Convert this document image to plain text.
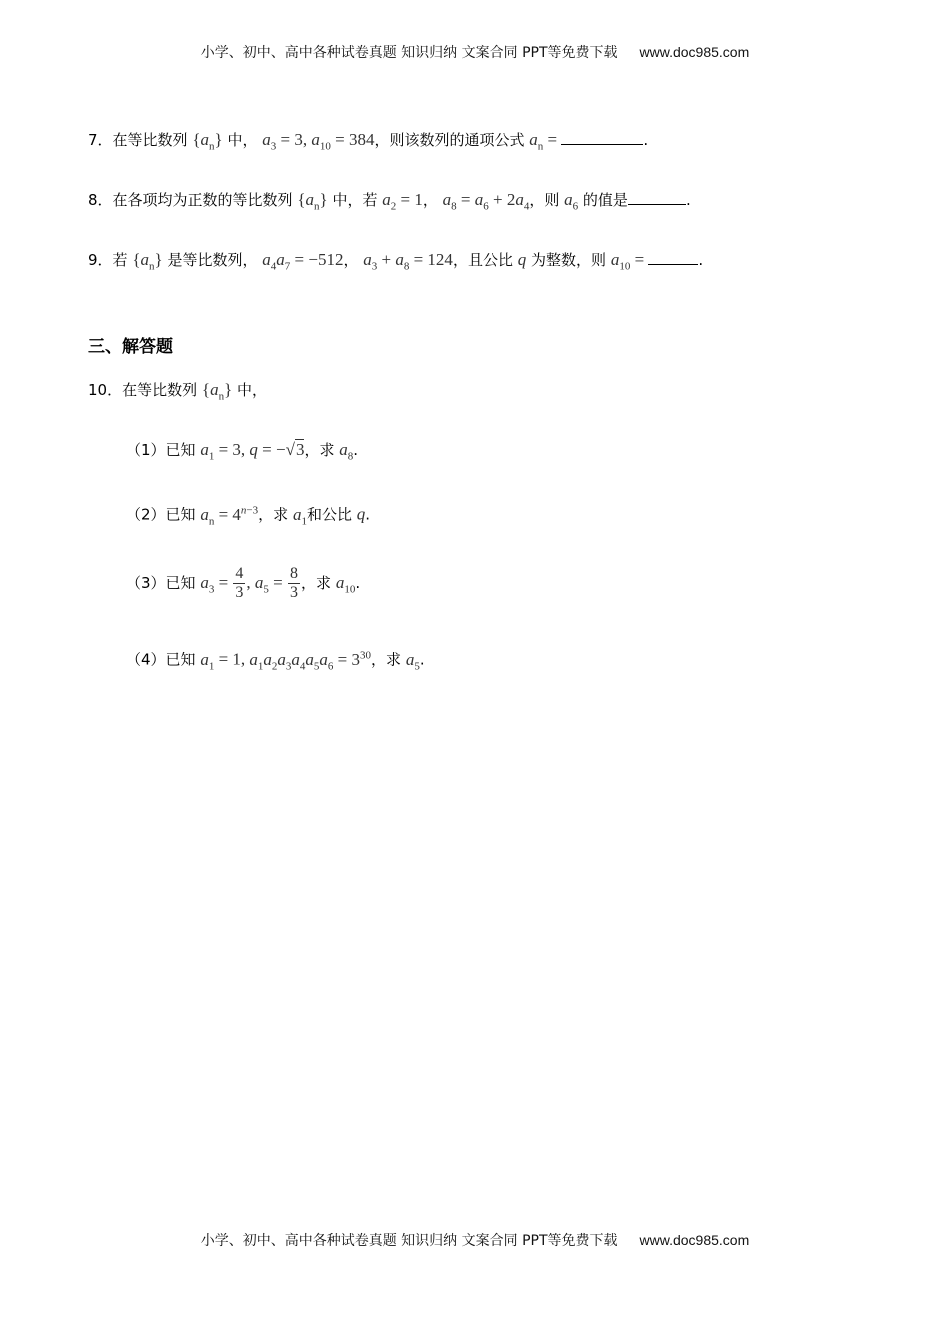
小学、初中、高中各种试卷真题 知识归纳 文案合同 PPT等免费下载 www.doc985.com
7．在等比数列 $\{a_n\}$ 中， $a_3 = 3$, $a_{10} = 384$，则该数列的通项公式 $a_n$ =	.
8．在各项均为正数的等比数列 $\{a_n\}$ 中，若 $a_2 = 1$， $a_8 = a_6 + 2a_4$，则 $a_6$ 的值是	.
9．若 $\{a_n\}$ 是等比数列， $a_4a_7 = -512$， $a_3 + a_8 = 124$，且公比 q 为整数，则 $a_{10}$ =	.
三、解答题
10．在等比数列 $\{a_n\}$ 中，
（1）已知 $a_1 = 3$, q = −√3，求 $a_8$.
（2）已知 $a_n = 4^{n-3}$，求 $a_1$和公比 q.
（3）已知 $a_3 = \frac{4}{3}$ , $a_5 = \frac{8}{3}$ ，求 $a_{10}$.
（4）已知 $a_1 = 1$, $a_1a_2a_3a_4a_5a_6 = 3^{30}$，求 $a_5$.
小学、初中、高中各种试卷真题 知识归纳 文案合同 PPT等免费下载 www.doc985.com
